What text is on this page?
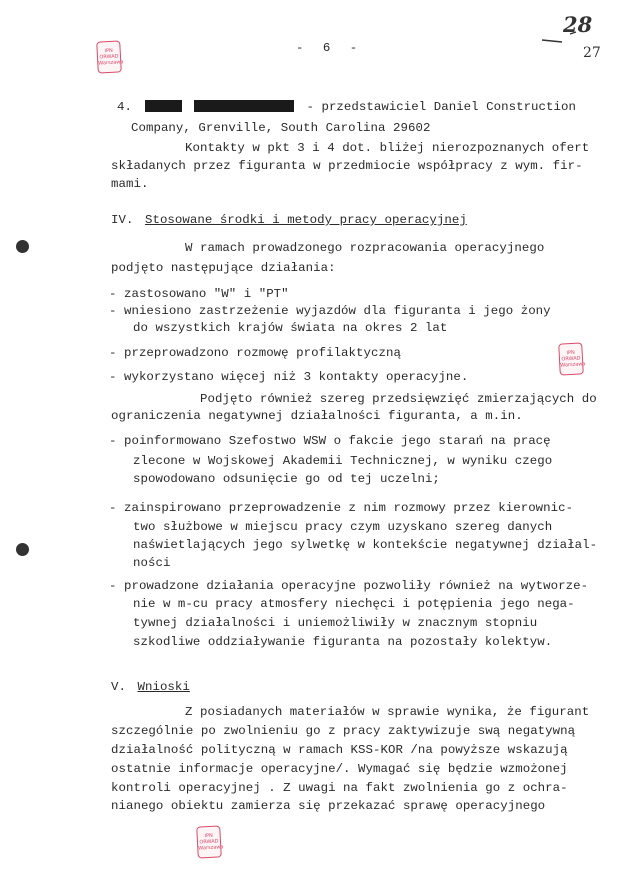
IPN
ORWAD
Warszawa
IPN
ORWAD
Warszawa
IPN
ORWAD
Warszawa
- 6 -
28
27
4.	- przedstawiciel Daniel Construction
Company, Grenville, South Carolina 29602
Kontakty w pkt 3 i 4 dot. bliżej nierozpoznanych ofert
składanych przez figuranta w przedmiocie współpracy z wym. fir-
mami.
IV. Stosowane środki i metody pracy operacyjnej
W ramach prowadzonego rozpracowania operacyjnego
podjęto następujące działania:
- zastosowano "W" i "PT"
- wniesiono zastrzeżenie wyjazdów dla figuranta i jego żony
do wszystkich krajów świata na okres 2 lat
- przeprowadzono rozmowę profilaktyczną
- wykorzystano więcej niż 3 kontakty operacyjne.
Podjęto również szereg przedsięwzięć zmierzających do
ograniczenia negatywnej działalności figuranta, a m.in.
- poinformowano Szefostwo WSW o fakcie jego starań na pracę
zlecone w Wojskowej Akademii Technicznej, w wyniku czego
spowodowano odsunięcie go od tej uczelni;
- zainspirowano przeprowadzenie z nim rozmowy przez kierownic-
two służbowe w miejscu pracy czym uzyskano szereg danych
naświetlających jego sylwetkę w kontekście negatywnej działal-
ności
- prowadzone działania operacyjne pozwoliły również na wytworze-
nie w m-cu pracy atmosfery niechęci i potępienia jego nega-
tywnej działalności i uniemożliwiły w znacznym stopniu
szkodliwe oddziaływanie figuranta na pozostały kolektyw.
V. Wnioski
Z posiadanych materiałów w sprawie wynika, że figurant
szczególnie po zwolnieniu go z pracy zaktywizuje swą negatywną
działalność polityczną w ramach KSS-KOR /na powyższe wskazują
ostatnie informacje operacyjne/. Wymagać się będzie wzmożonej
kontroli operacyjnej . Z uwagi na fakt zwolnienia go z ochra-
nianego obiektu zamierza się przekazać sprawę operacyjnego
